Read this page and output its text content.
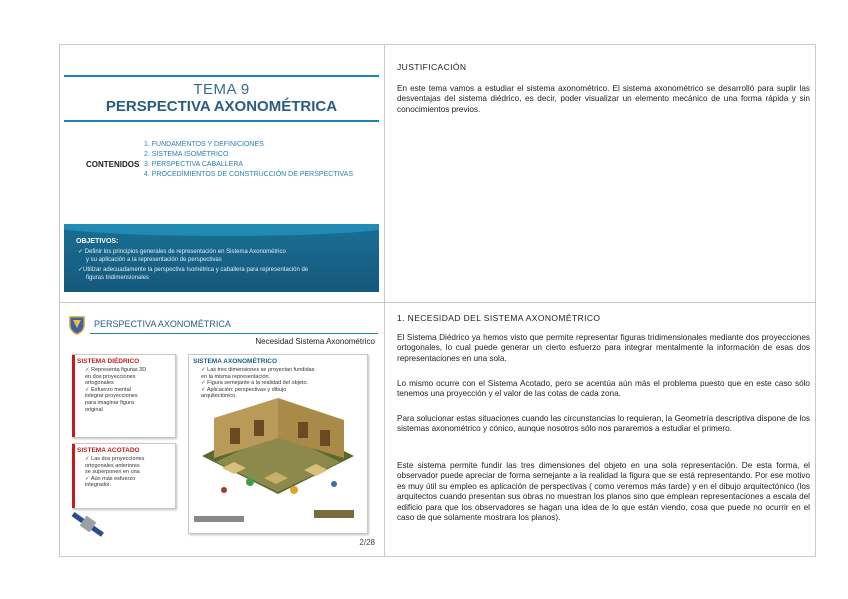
TEMA 9
PERSPECTIVA AXONOMÉTRICA
CONTENIDOS
1. FUNDAMENTOS Y DEFINICIONES
2. SISTEMA ISOMÉTRICO
3. PERSPECTIVA CABALLERA
4. PROCEDIMIENTOS DE CONSTRUCCIÓN DE PERSPECTIVAS
OBJETIVOS:
✓ Definir los principios generales de representación en Sistema Axonométrico
y su aplicación a la representación de perspectivas
✓Utilizar adecuadamente la perspectiva Isométrica y caballera para representación de
figuras tridimensionales
JUSTIFICACIÓN

En este tema vamos a estudiar el sistema axonométrico. El sistema axonométrico se desarrolló para suplir las desventajas del sistema diédrico, es decir, poder visualizar un elemento mecánico de una forma rápida y sin conocimientos previos.

PERSPECTIVA AXONOMÉTRICA
Necesidad Sistema Axonométrico
SISTEMA DIÉDRICO
✓ Representa figuras 3D
en dos proyecciones
ortogonales
✓ Esfuerzo mental
integrar proyecciones
para imaginar figura
original
SISTEMA ACOTADO
✓ Las dos proyecciones
ortogonales anteriores
se superponen en una
✓ Aún más esfuerzo
integrador.
SISTEMA AXONOMÉTRICO
✓ Las tres dimensiones se proyectan fundidas
en la misma representación.
✓ Figura semejante a la realidad del objeto.
✓ Aplicación: perspectivas y dibujo
arquitectónico.
2/28
1. NECESIDAD DEL SISTEMA AXONOMÉTRICO

El Sistema Diédrico ya hemos visto que permite representar figuras tridimensionales mediante dos proyecciones ortogonales, lo cual puede generar un cierto esfuerzo para integrar mentalmente la información de esas dos representaciones en una sola.

Lo mismo ocurre con el Sistema Acotado, pero se acentúa aún más el problema puesto que en este caso sólo tenemos una proyección y el valor de las cotas de cada zona.

Para solucionar estas situaciones cuando las circunstancias lo requieran, la Geometría descriptiva dispone de los sistemas axonométrico y cónico, aunque nosotros sólo nos pararemos a estudiar el primero.

Este sistema permite fundir las tres dimensiones del objeto en una sola representación. De esta forma, el observador puede apreciar de forma semejante a la realidad la figura que se está representando. Por ese motivo es muy útil su empleo es aplicación de perspectivas ( como veremos más tarde) y en el dibujo arquitectónico (los arquitectos cuando presentan sus obras no muestran los planos sino que emplean representaciones a escala del edificio para que los observadores se hagan una idea de lo que están viendo, cosa que puede no ocurrir en el caso de que solamente mostrara los planos).
